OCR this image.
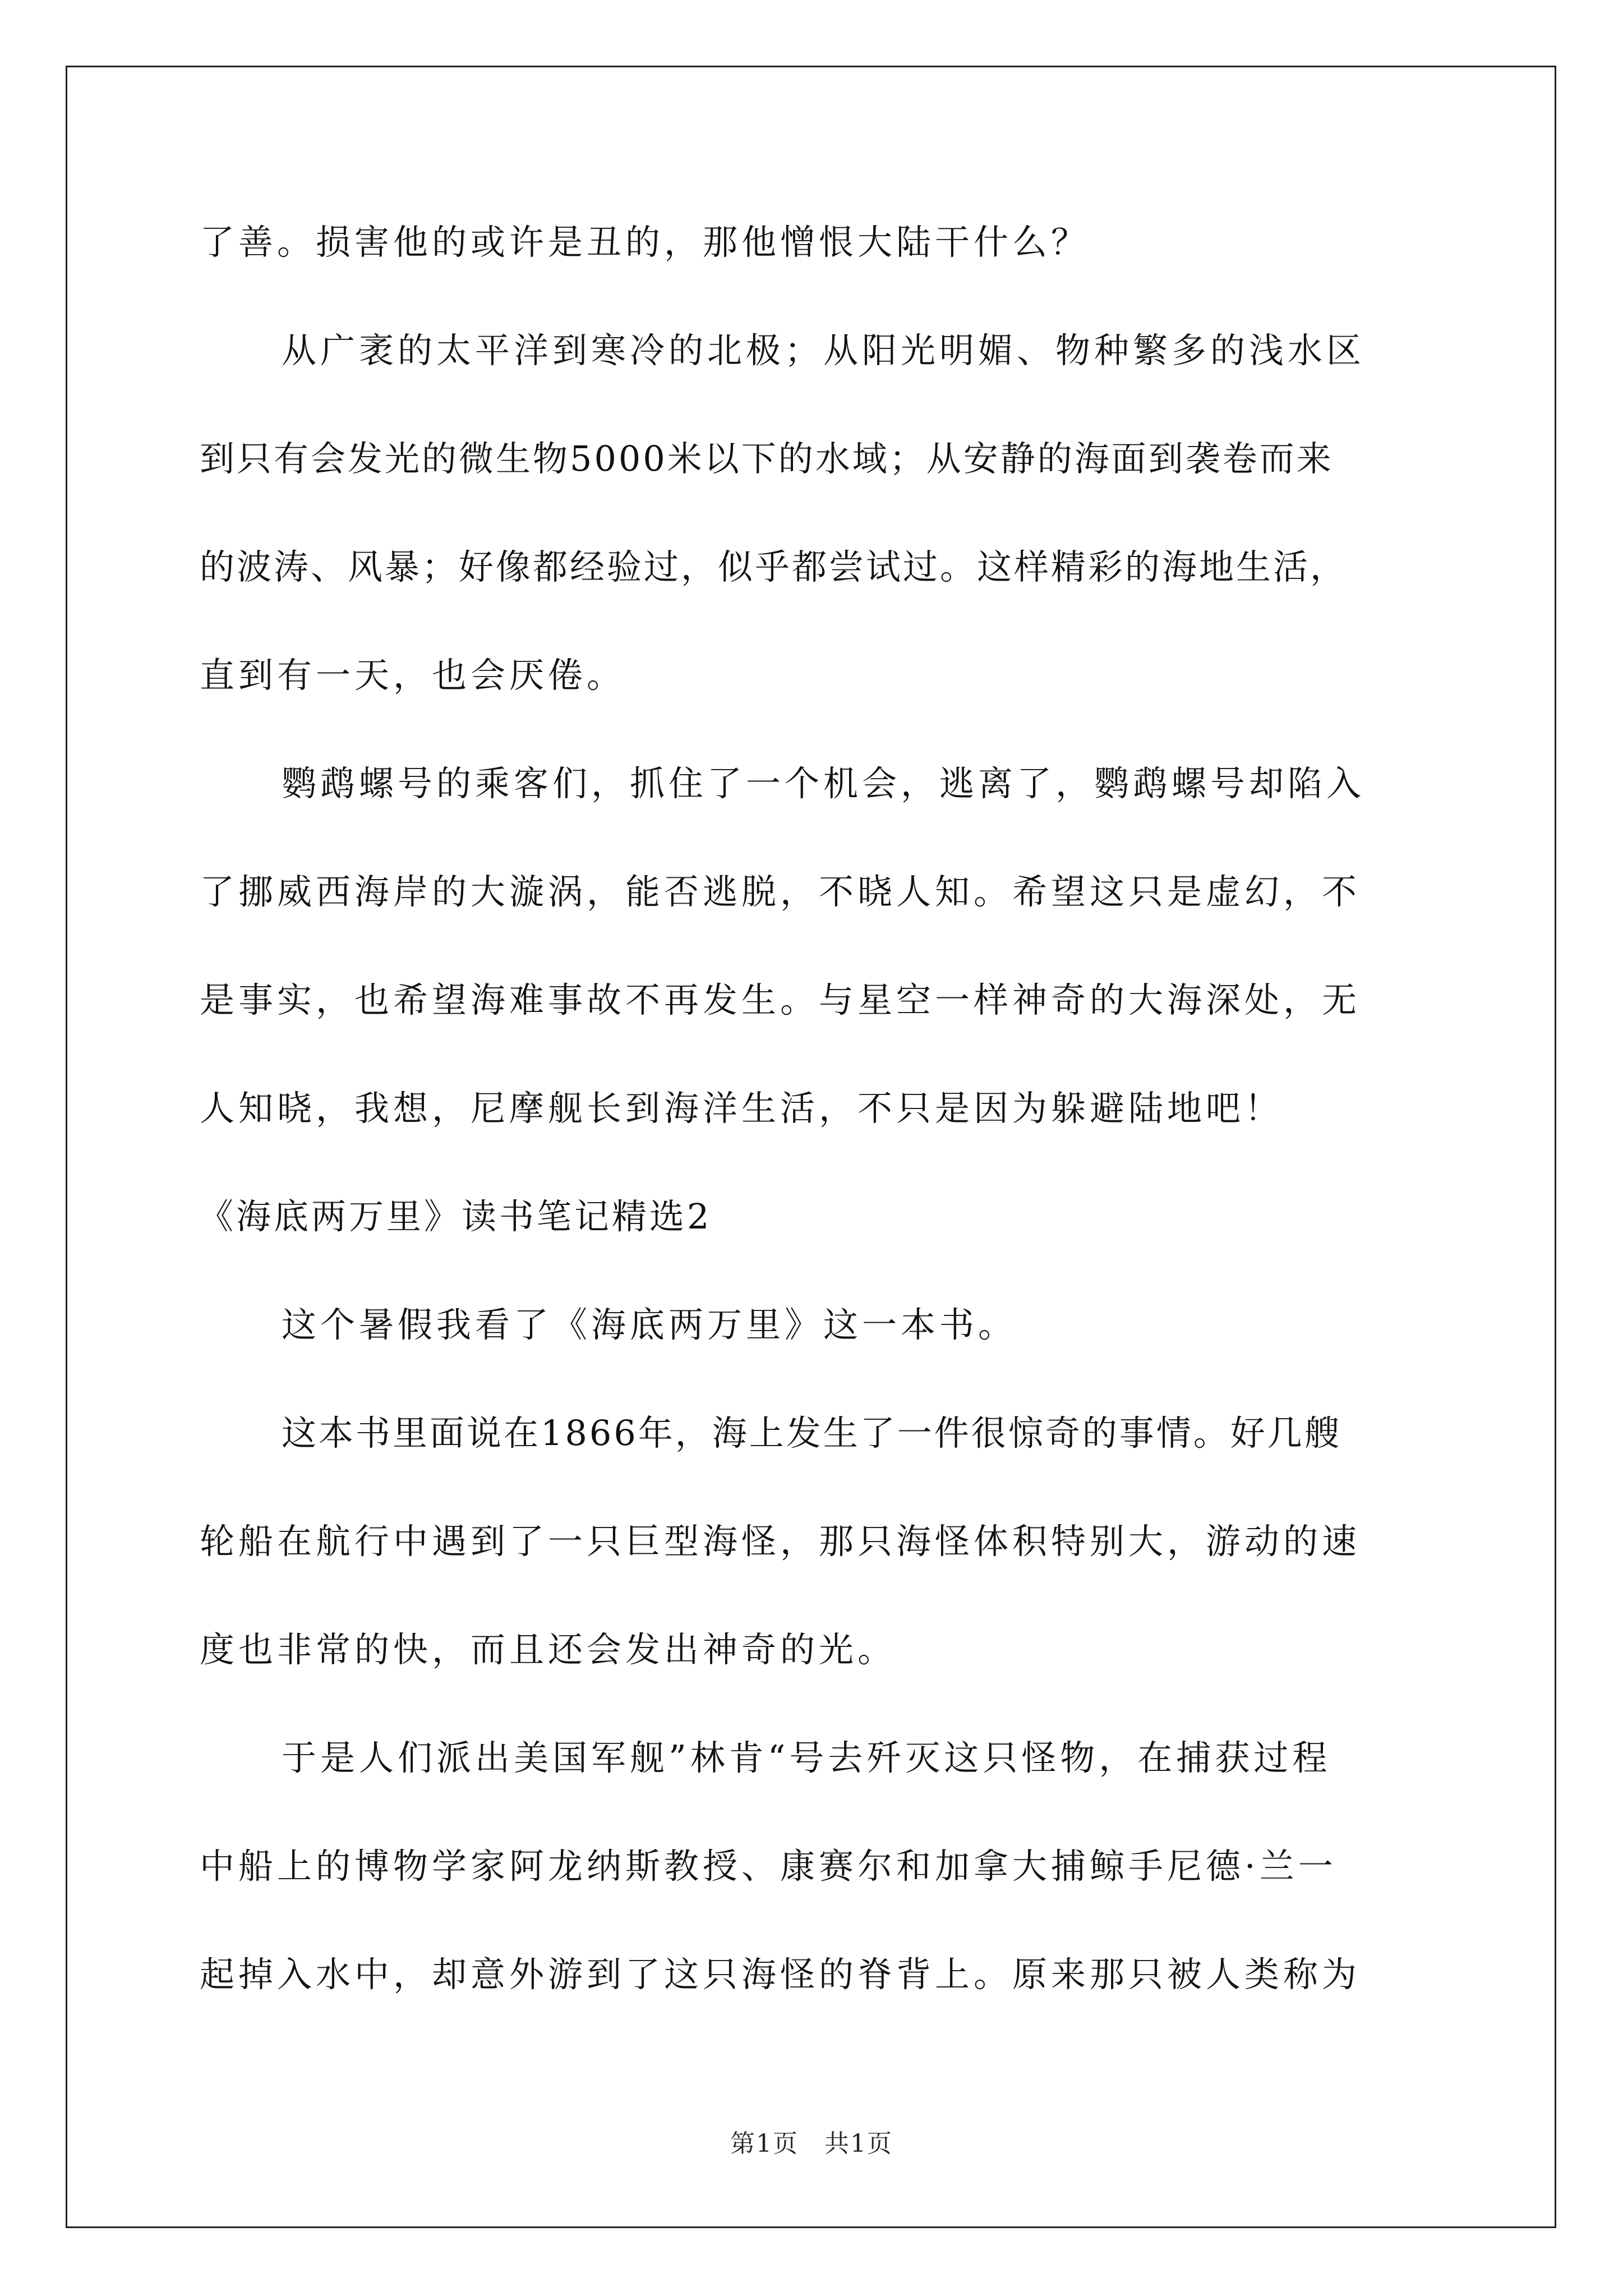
了善。损害他的或许是丑的，那他憎恨大陆干什么？
从广袤的太平洋到寒冷的北极；从阳光明媚、物种繁多的浅水区
到只有会发光的微生物5000米以下的水域；从安静的海面到袭卷而来
的波涛、风暴；好像都经验过，似乎都尝试过。这样精彩的海地生活，
直到有一天，也会厌倦。
鹦鹉螺号的乘客们，抓住了一个机会，逃离了，鹦鹉螺号却陷入
了挪威西海岸的大漩涡，能否逃脱，不晓人知。希望这只是虚幻，不
是事实，也希望海难事故不再发生。与星空一样神奇的大海深处，无
人知晓，我想，尼摩舰长到海洋生活，不只是因为躲避陆地吧！
《海底两万里》读书笔记精选2
这个暑假我看了《海底两万里》这一本书。
这本书里面说在1866年，海上发生了一件很惊奇的事情。好几艘
轮船在航行中遇到了一只巨型海怪，那只海怪体积特别大，游动的速
度也非常的快，而且还会发出神奇的光。
于是人们派出美国军舰”林肯“号去歼灭这只怪物，在捕获过程
中船上的博物学家阿龙纳斯教授、康赛尔和加拿大捕鲸手尼德·兰一
起掉入水中，却意外游到了这只海怪的脊背上。原来那只被人类称为
第1页　共1页
